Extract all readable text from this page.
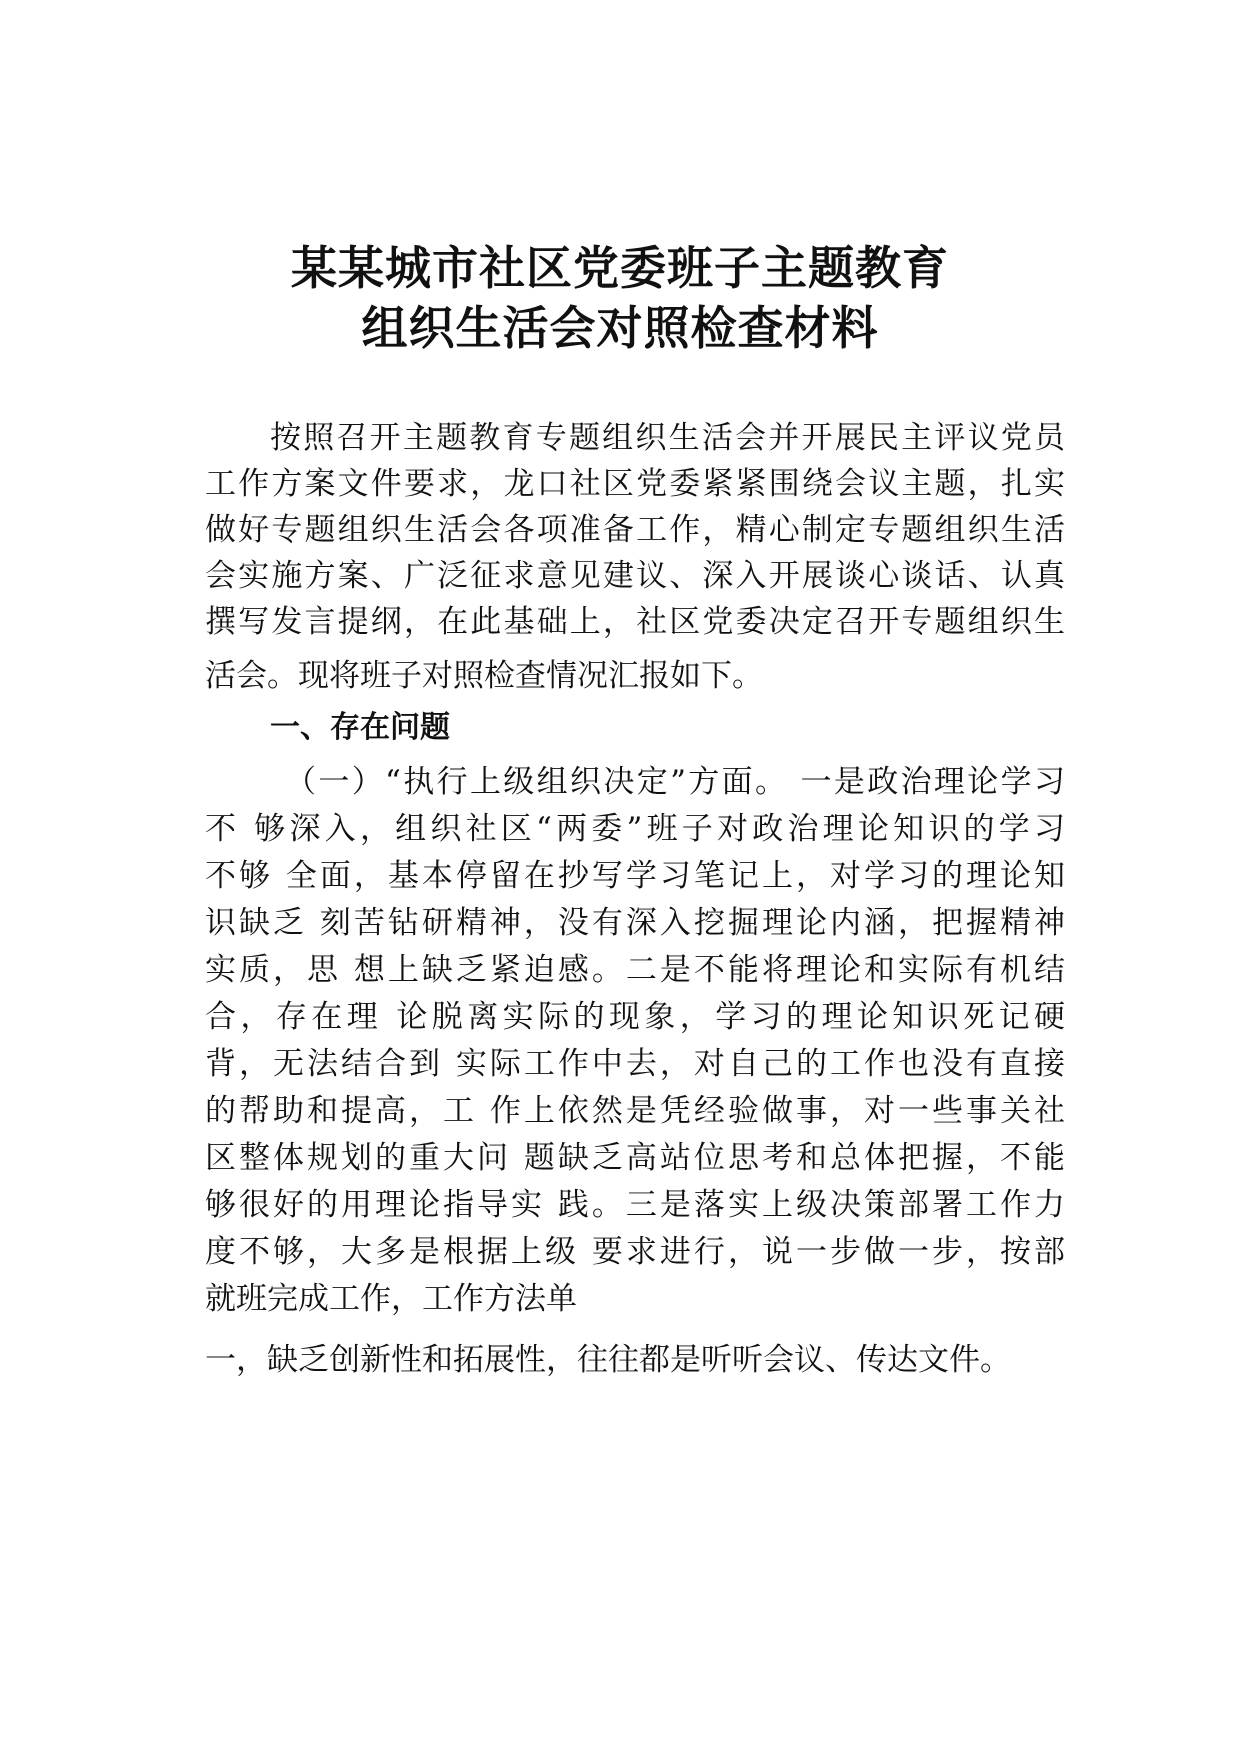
某某城市社区党委班子主题教育
组织生活会对照检查材料
按照召开主题教育专题组织生活会并开展民主评议党员
工作方案文件要求，龙口社区党委紧紧围绕会议主题，扎实
做好专题组织生活会各项准备工作，精心制定专题组织生活
会实施方案、广泛征求意见建议、深入开展谈心谈话、认真
撰写发言提纲，在此基础上，社区党委决定召开专题组织生
活会。现将班子对照检查情况汇报如下。
一、存在问题
（一）“执行上级组织决定”方面。 一是政治理论学习
不 够深入，组织社区“两委”班子对政治理论知识的学习
不够 全面，基本停留在抄写学习笔记上，对学习的理论知
识缺乏 刻苦钻研精神，没有深入挖掘理论内涵，把握精神
实质，思 想上缺乏紧迫感。二是不能将理论和实际有机结
合，存在理 论脱离实际的现象，学习的理论知识死记硬
背，无法结合到 实际工作中去，对自己的工作也没有直接
的帮助和提高，工 作上依然是凭经验做事，对一些事关社
区整体规划的重大问 题缺乏高站位思考和总体把握，不能
够很好的用理论指导实 践。三是落实上级决策部署工作力
度不够，大多是根据上级 要求进行，说一步做一步，按部
就班完成工作，工作方法单
一，缺乏创新性和拓展性，往往都是听听会议、传达文件。
